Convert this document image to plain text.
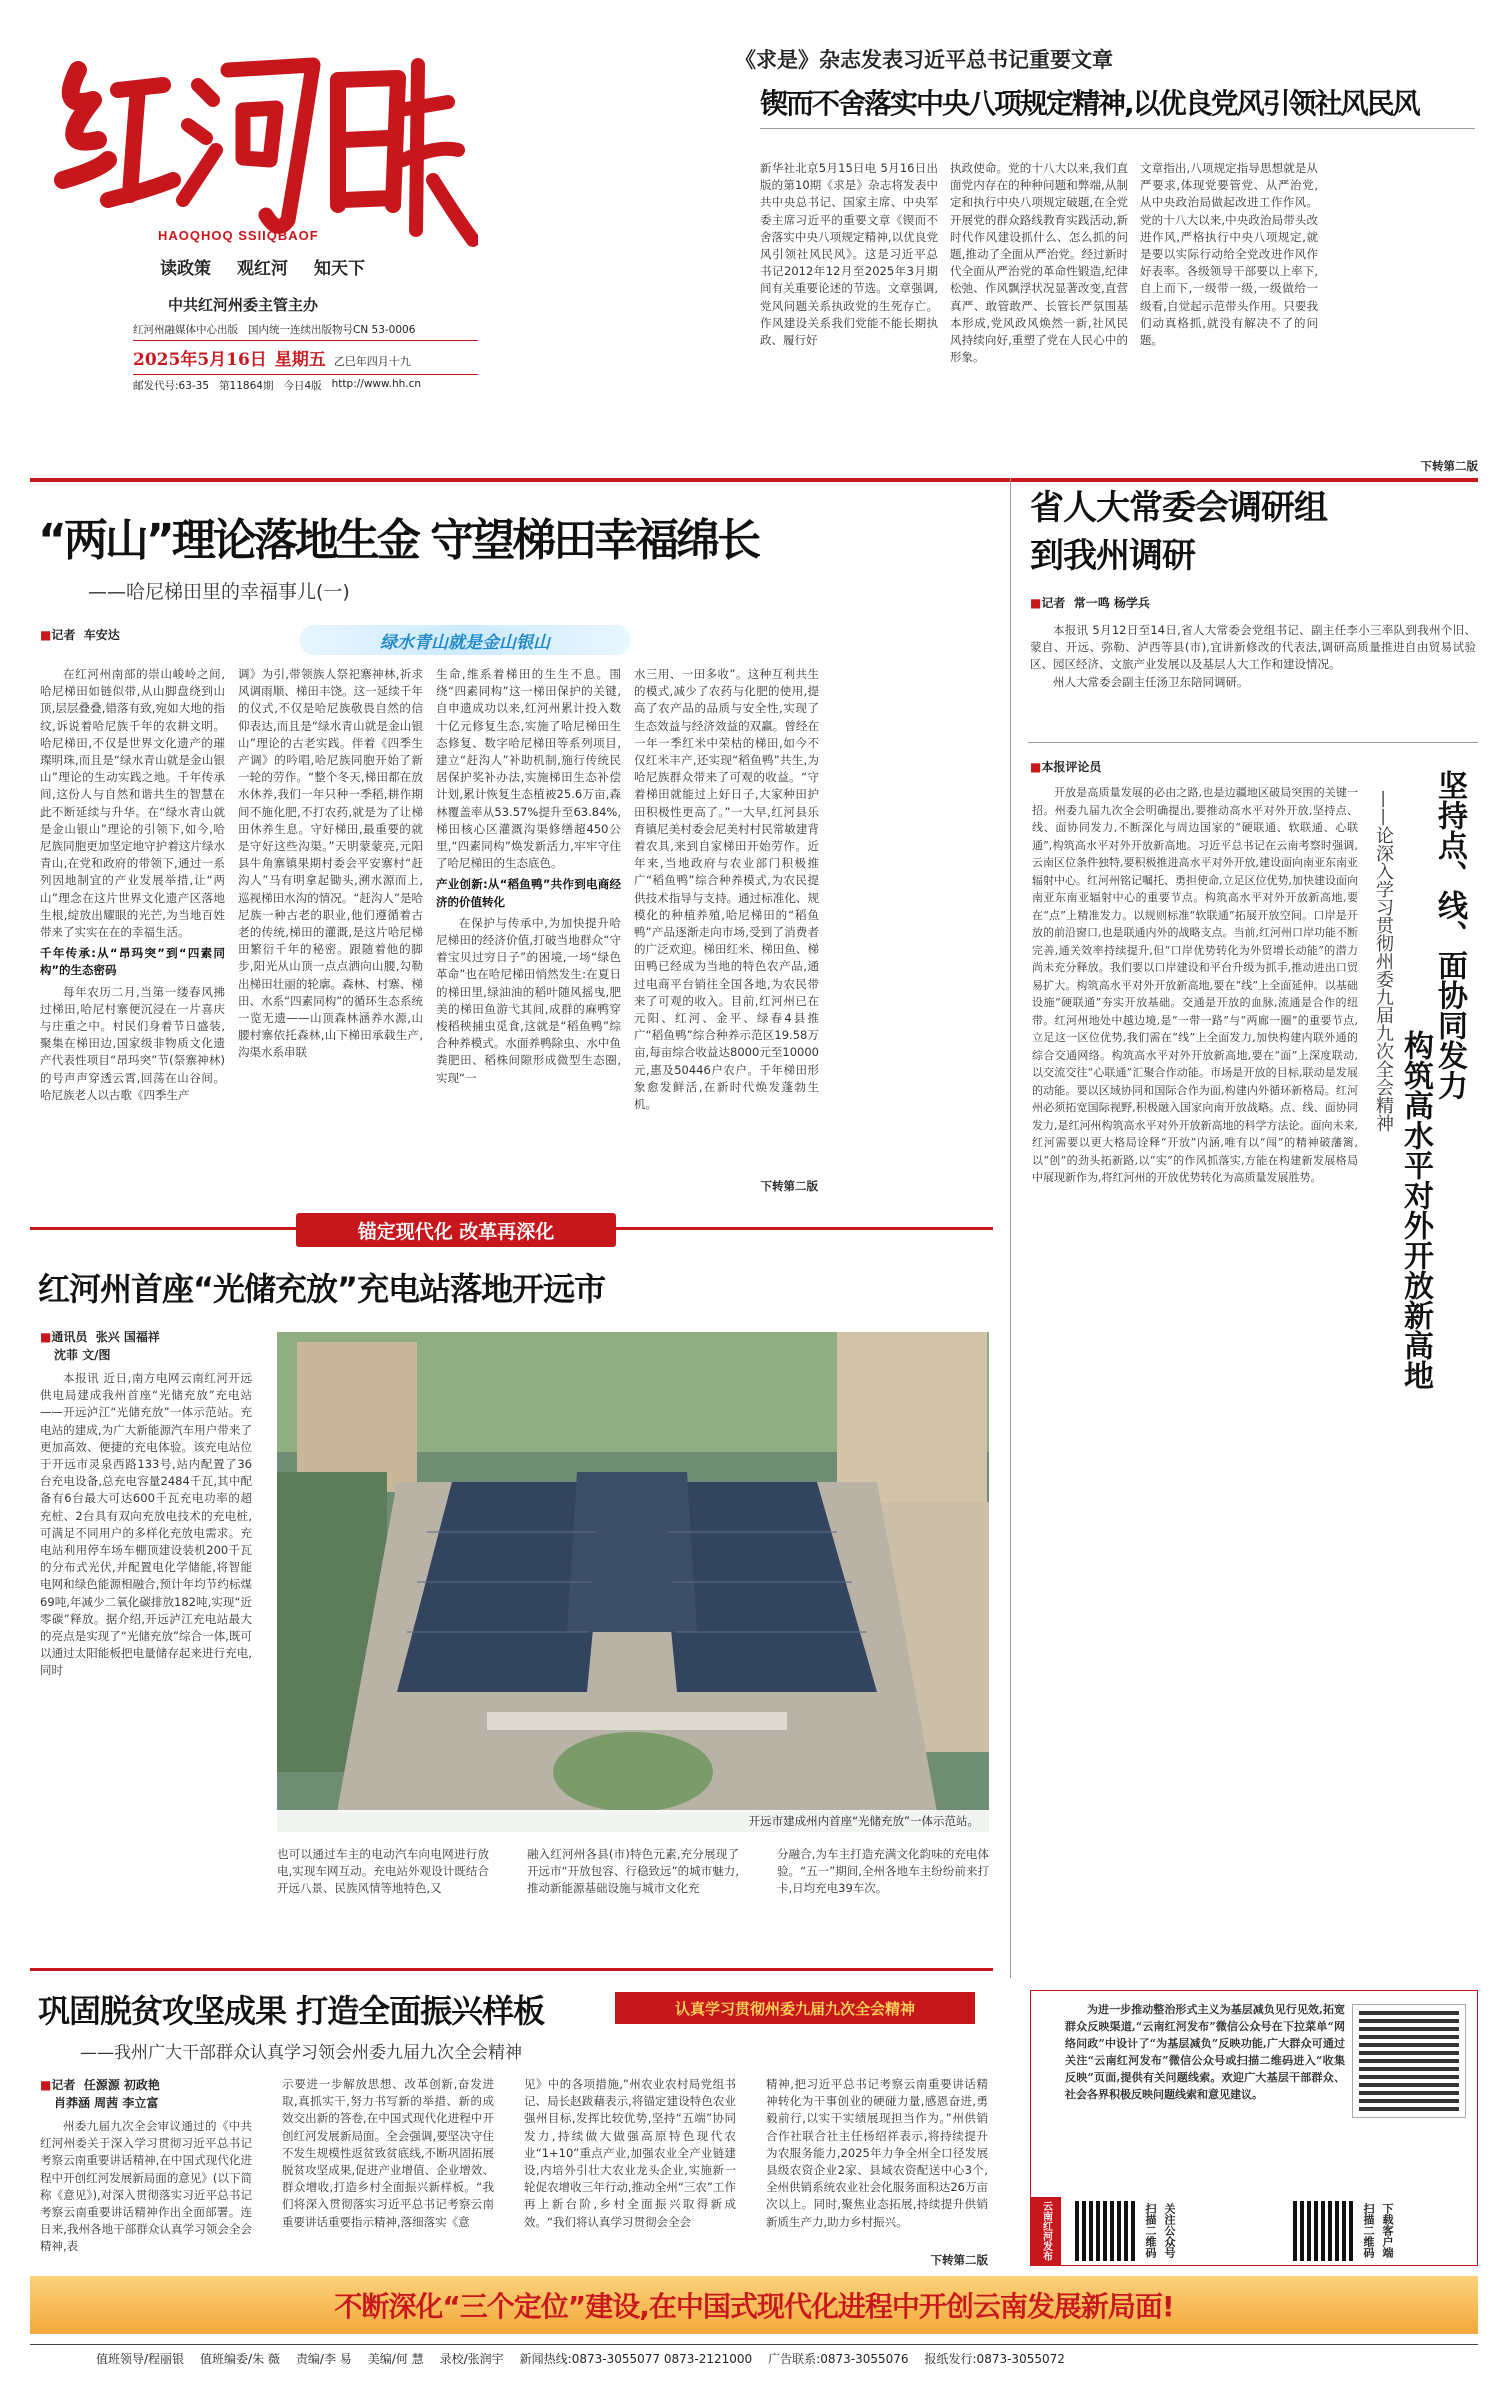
HAOQHOQ SSIIQBAOF
读政策 观红河 知天下
中共红河州委主管主办
红河州融媒体中心出版 国内统一连续出版物号CN 53-0006
2025年5月16日 星期五 乙巳年四月十九
邮发代号:63-35 第11864期 今日4版 http://www.hh.cn
《求是》杂志发表习近平总书记重要文章
锲而不舍落实中央八项规定精神,以优良党风引领社风民风
新华社北京5月15日电 5月16日出版的第10期《求是》杂志将发表中共中央总书记、国家主席、中央军委主席习近平的重要文章《锲而不舍落实中央八项规定精神,以优良党风引领社风民风》。这是习近平总书记2012年12月至2025年3月期间有关重要论述的节选。文章强调,党风问题关系执政党的生死存亡。作风建设关系我们党能不能长期执政、履行好
执政使命。党的十八大以来,我们直面党内存在的种种问题和弊端,从制定和执行中央八项规定破题,在全党开展党的群众路线教育实践活动,新时代作风建设抓什么、怎么抓的问题,推动了全面从严治党。经过新时代全面从严治党的革命性锻造,纪律松弛、作风飘浮状况显著改变,直营真严、敢管敢严、长管长严氛围基本形成,党风政风焕然一新,社风民风持续向好,重塑了党在人民心中的形象。
文章指出,八项规定指导思想就是从严要求,体现党要管党、从严治党,从中央政治局做起改进工作作风。党的十八大以来,中央政治局带头改进作风,严格执行中央八项规定,就是要以实际行动给全党改进作风作好表率。各级领导干部要以上率下,自上而下,一级带一级,一级做给一级看,自觉起示范带头作用。只要我们动真格抓,就没有解决不了的问题。
下转第二版
“两山”理论落地生金 守望梯田幸福绵长
——哈尼梯田里的幸福事儿(一)
■记者 车安达	绿水青山就是金山银山
在红河州南部的崇山峻岭之间,哈尼梯田如链似带,从山脚盘绕到山顶,层层叠叠,错落有致,宛如大地的指纹,诉说着哈尼族千年的农耕文明。哈尼梯田,不仅是世界文化遗产的璀璨明珠,而且是“绿水青山就是金山银山”理论的生动实践之地。千年传承间,这份人与自然和谐共生的智慧在此不断延续与升华。在“绿水青山就是金山银山”理论的引领下,如今,哈尼族同胞更加坚定地守护着这片绿水青山,在党和政府的带领下,通过一系列因地制宜的产业发展举措,让“两山”理念在这片世界文化遗产区落地生根,绽放出耀眼的光芒,为当地百姓带来了实实在在的幸福生活。
千年传承:从“昂玛突”到“四素同构”的生态密码
每年农历二月,当第一缕春风拂过梯田,哈尼村寨便沉浸在一片喜庆与庄重之中。村民们身着节日盛装,聚集在梯田边,国家级非物质文化遗产代表性项目“昂玛突”节(祭寨神林)的号声声穿透云霄,回荡在山谷间。哈尼族老人以古歌《四季生产
调》为引,带领族人祭祀寨神林,祈求风调雨顺、梯田丰饶。这一延续千年的仪式,不仅是哈尼族敬畏自然的信仰表达,而且是“绿水青山就是金山银山”理论的古老实践。伴着《四季生产调》的吟唱,哈尼族同胞开始了新一轮的劳作。“整个冬天,梯田都在放水休养,我们一年只种一季稻,耕作期间不施化肥,不打农药,就是为了让梯田休养生息。守好梯田,最重要的就是守好这些沟渠。”天明蒙蒙亮,元阳县牛角寨镇果期村委会平安寨村“赶沟人”马有明拿起锄头,溯水源而上,巡视梯田水沟的情况。“赶沟人”是哈尼族一种古老的职业,他们遵循着古老的传统,梯田的灌溉,是这片哈尼梯田繁衍千年的秘密。跟随着他的脚步,阳光从山顶一点点洒向山腰,勾勒出梯田壮丽的轮廓。森林、村寨、梯田、水系“四素同构”的循环生态系统一览无遗——山顶森林涵养水源,山腰村寨依托森林,山下梯田承载生产,沟渠水系串联
生命,维系着梯田的生生不息。围绕“四素同构”这一梯田保护的关键,自申遗成功以来,红河州累计投入数十亿元修复生态,实施了哈尼梯田生态修复、数字哈尼梯田等系列项目,建立“赶沟人”补助机制,施行传统民居保护奖补办法,实施梯田生态补偿计划,累计恢复生态植被25.6万亩,森林覆盖率从53.57%提升至63.84%,梯田核心区灌溉沟渠修缮超450公里,“四素同构”焕发新活力,牢牢守住了哈尼梯田的生态底色。
产业创新:从“稻鱼鸭”共作到电商经济的价值转化
在保护与传承中,为加快提升哈尼梯田的经济价值,打破当地群众“守着宝贝过穷日子”的困境,一场“绿色革命”也在哈尼梯田悄然发生:在夏日的梯田里,绿油油的稻叶随风摇曳,肥美的梯田鱼游弋其间,成群的麻鸭穿梭稻秧捕虫觅食,这就是“稻鱼鸭”综合种养模式。水面养鸭除虫、水中鱼粪肥田、稻株间隙形成微型生态圈,实现“一
水三用、一田多收”。这种互利共生的模式,减少了农药与化肥的使用,提高了农产品的品质与安全性,实现了生态效益与经济效益的双赢。曾经在一年一季红米中荣枯的梯田,如今不仅红米丰产,还实现“稻鱼鸭”共生,为哈尼族群众带来了可观的收益。“守着梯田就能过上好日子,大家种田护田积极性更高了。”一大早,红河县乐育镇尼美村委会尼美村村民常敏建背着农具,来到自家梯田开始劳作。近年来,当地政府与农业部门积极推广“稻鱼鸭”综合种养模式,为农民提供技术指导与支持。通过标准化、规模化的种植养殖,哈尼梯田的“稻鱼鸭”产品逐渐走向市场,受到了消费者的广泛欢迎。梯田红米、梯田鱼、梯田鸭已经成为当地的特色农产品,通过电商平台销往全国各地,为农民带来了可观的收入。目前,红河州已在元阳、红河、金平、绿春4县推广“稻鱼鸭”综合种养示范区19.58万亩,每亩综合收益达8000元至10000元,惠及50446户农户。千年梯田形象愈发鲜活,在新时代焕发蓬勃生机。
下转第二版
省人大常委会调研组
到我州调研
■记者 常一鸣 杨学兵
本报讯 5月12日至14日,省人大常委会党组书记、副主任李小三率队到我州个旧、蒙自、开远、弥勒、泸西等县(市),宜讲新修改的代表法,调研高质量推进自由贸易试验区、园区经济、文旅产业发展以及基层人大工作和建设情况。
州人大常委会副主任汤卫东陪同调研。
■本报评论员
坚持点、线、面协同发力
构筑高水平对外开放新高地
——论深入学习贯彻州委九届九次全会精神
开放是高质量发展的必由之路,也是边疆地区破局突围的关键一招。州委九届九次全会明确提出,要推动高水平对外开放,坚持点、线、面协同发力,不断深化与周边国家的“硬联通、软联通、心联通”,构筑高水平对外开放新高地。习近平总书记在云南考察时强调,云南区位条件独特,要积极推进高水平对外开放,建设面向南亚东南亚辐射中心。红河州铭记嘱托、勇担使命,立足区位优势,加快建设面向南亚东南亚辐射中心的重要节点。构筑高水平对外开放新高地,要在“点”上精准发力。以规则标准“软联通”拓展开放空间。口岸是开放的前沿窗口,也是联通内外的战略支点。当前,红河州口岸功能不断完善,通关效率持续提升,但“口岸优势转化为外贸增长动能”的潜力尚未充分释放。我们要以口岸建设和平台升级为抓手,推动进出口贸易扩大。构筑高水平对外开放新高地,要在“线”上全面延伸。以基础设施“硬联通”夯实开放基础。交通是开放的血脉,流通是合作的纽带。红河州地处中越边境,是“一带一路”与“两廊一圈”的重要节点,立足这一区位优势,我们需在“线”上全面发力,加快构建内联外通的综合交通网络。构筑高水平对外开放新高地,要在“面”上深度联动,以交流交往“心联通”汇聚合作动能。市场是开放的目标,联动是发展的动能。要以区域协同和国际合作为面,构建内外循环新格局。红河州必须拓宽国际视野,积极融入国家向南开放战略。点、线、面协同发力,是红河州构筑高水平对外开放新高地的科学方法论。面向未来,红河需要以更大格局诠释“开放”内涵,唯有以“闯”的精神破藩篱,以“创”的劲头拓新路,以“实”的作风抓落实,方能在构建新发展格局中展现新作为,将红河州的开放优势转化为高质量发展胜势。
锚定现代化 改革再深化
红河州首座“光储充放”充电站落地开远市
■通讯员 张兴 国福祥
沈菲 文/图
本报讯 近日,南方电网云南红河开远供电局建成我州首座“光储充放”充电站——开远泸江“光储充放”一体示范站。充电站的建成,为广大新能源汽车用户带来了更加高效、便捷的充电体验。该充电站位于开远市灵泉西路133号,站内配置了36台充电设备,总充电容量2484千瓦,其中配备有6台最大可达600千瓦充电功率的超充桩、2台具有双向充放电技术的充电桩,可满足不同用户的多样化充放电需求。充电站利用停车场车棚顶建设装机200千瓦的分布式光伏,并配置电化学储能,将智能电网和绿色能源相融合,预计年均节约标煤69吨,年减少二氧化碳排放182吨,实现“近零碳”释放。据介绍,开远泸江充电站最大的亮点是实现了“光储充放”综合一体,既可以通过太阳能板把电量储存起来进行充电,同时
开远市建成州内首座“光储充放”一体示范站。
也可以通过车主的电动汽车向电网进行放电,实现车网互动。充电站外观设计既结合开远八景、民族风情等地特色,又
融入红河州各县(市)特色元素,充分展现了开远市“开放包容、行稳致远”的城市魅力,推动新能源基础设施与城市文化充
分融合,为车主打造充满文化韵味的充电体验。“五一”期间,全州各地车主纷纷前来打卡,日均充电39车次。
巩固脱贫攻坚成果 打造全面振兴样板	认真学习贯彻州委九届九次全会精神
——我州广大干部群众认真学习领会州委九届九次全会精神
■记者 任源源 初政艳
肖莽涵 周茜 李立富
州委九届九次全会审议通过的《中共红河州委关于深入学习贯彻习近平总书记考察云南重要讲话精神,在中国式现代化进程中开创红河发展新局面的意见》(以下简称《意见》),对深入贯彻落实习近平总书记考察云南重要讲话精神作出全面部署。连日来,我州各地干部群众认真学习领会全会精神,表
示要进一步解放思想、改革创新,奋发进取,真抓实干,努力书写新的举措、新的成效交出新的答卷,在中国式现代化进程中开创红河发展新局面。全会强调,要坚决守住不发生规模性返贫致贫底线,不断巩固拓展脱贫攻坚成果,促进产业增值、企业增效、群众增收,打造乡村全面振兴新样板。“我们将深入贯彻落实习近平总书记考察云南重要讲话重要指示精神,落细落实《意
见》中的各项措施,”州农业农村局党组书记、局长赵跋藉表示,将锚定建设特色农业强州目标,发挥比较优势,坚持“五端”协同发力,持续做大做强高原特色现代农业“1+10”重点产业,加强农业全产业链建设,内培外引壮大农业龙头企业,实施新一轮促农增收三年行动,推动全州“三农”工作再上新台阶,乡村全面振兴取得新成效。“我们将认真学习贯彻会全会
精神,把习近平总书记考察云南重要讲话精神转化为干事创业的硬碰力量,感恩奋进,勇毅前行,以实干实绩展现担当作为。”州供销合作社联合社主任杨绍祥表示,将持续提升为农服务能力,2025年力争全州全口径发展县级农资企业2家、县域农资配送中心3个,全州供销系统农业社会化服务面积达26万亩次以上。同时,聚焦业态拓展,持续提升供销新质生产力,助力乡村振兴。
下转第二版
为进一步推动整治形式主义为基层减负见行见效,拓宽群众反映渠道,“云南红河发布”微信公众号在下拉菜单“网络问政”中设计了“为基层减负”反映功能,广大群众可通过关注“云南红河发布”微信公众号或扫描二维码进入“收集反映”页面,提供有关问题线索。欢迎广大基层干部群众、社会各界积极反映问题线索和意见建议。
云南红河发布	扫描二维码 关注公众号	扫描二维码 下载客户端
不断深化“三个定位”建设,在中国式现代化进程中开创云南发展新局面!
值班领导/程丽银 值班编委/朱 薇 责编/李 易 美编/何 慧 录校/张润宇 新闻热线:0873-3055077 0873-2121000 广告联系:0873-3055076 报纸发行:0873-3055072
